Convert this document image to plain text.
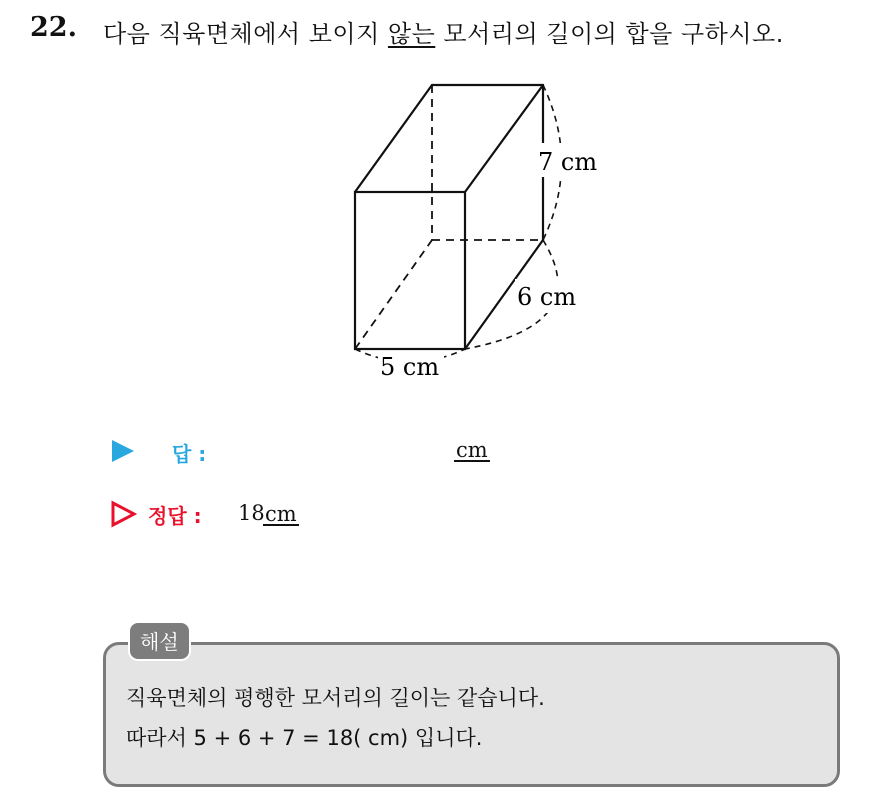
22. 다음 직육면체에서 보이지 않는 모서리의 길이의 합을 구하시오.
7 cm
6 cm
5 cm
답 :	cm
정답 : 18 cm
해설
직육면체의 평행한 모서리의 길이는 같습니다.
따라서 5 + 6 + 7 = 18( cm) 입니다.
